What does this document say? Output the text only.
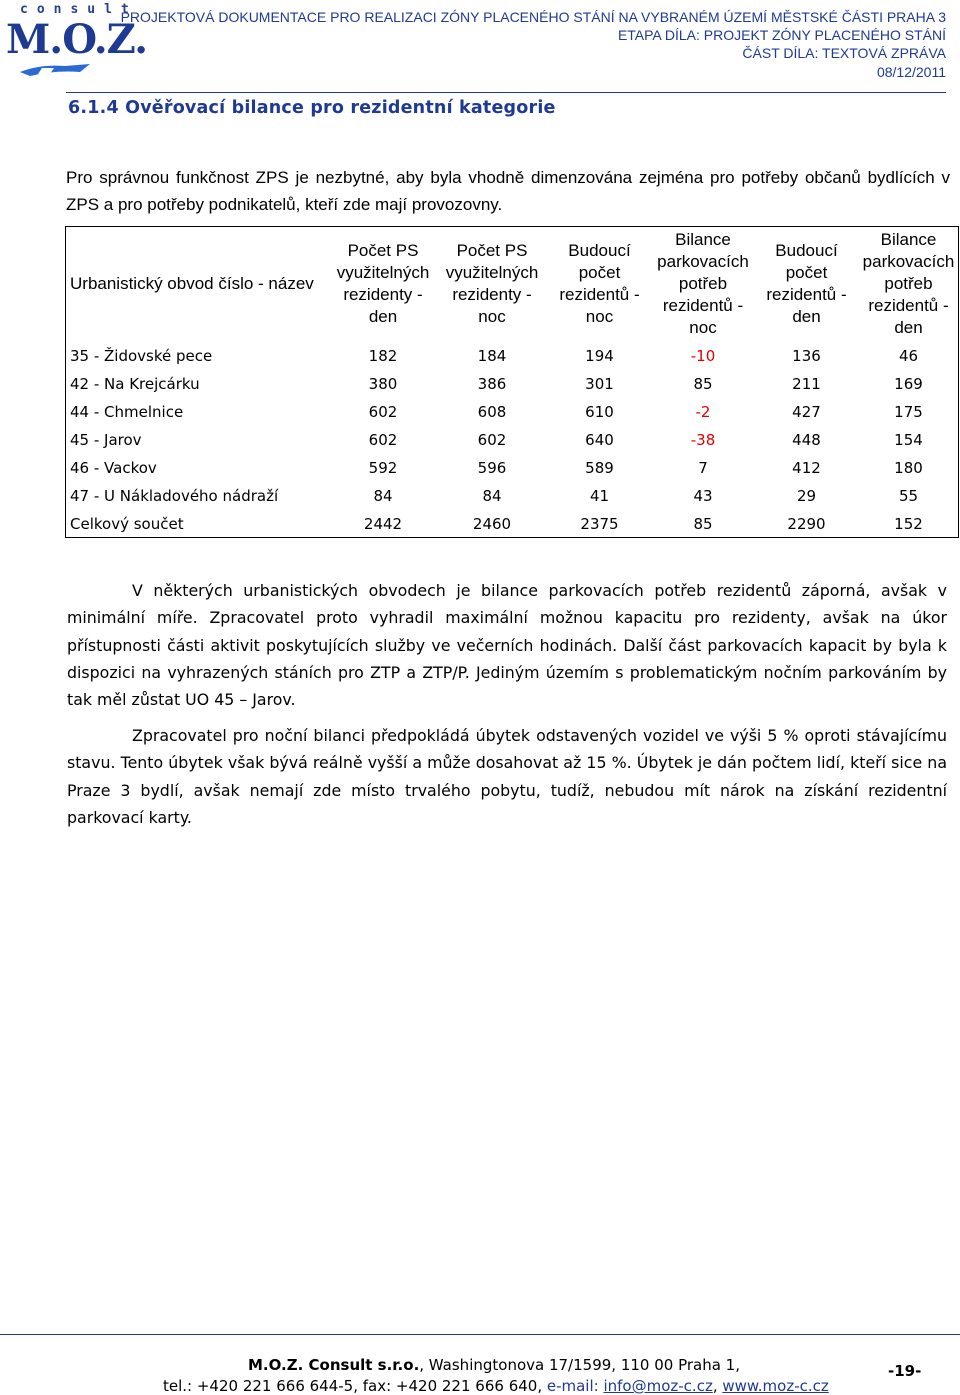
consult
M.O.Z.
PROJEKTOVÁ DOKUMENTACE PRO REALIZACI ZÓNY PLACENÉHO STÁNÍ NA VYBRANÉM ÚZEMÍ MĚSTSKÉ ČÁSTI PRAHA 3
ETAPA DÍLA: PROJEKT ZÓNY PLACENÉHO STÁNÍ
ČÁST DÍLA: TEXTOVÁ ZPRÁVA
08/12/2011
6.1.4 Ověřovací bilance pro rezidentní kategorie
Pro správnou funkčnost ZPS je nezbytné, aby byla vhodně dimenzována zejména pro potřeby občanů bydlících v ZPS a pro potřeby podnikatelů, kteří zde mají provozovny.
Urbanistický obvod číslo - název	Počet PS využitelných rezidenty - den	Počet PS využitelných rezidenty - noc	Budoucí počet rezidentů - noc	Bilance parkovacích potřeb rezidentů - noc	Budoucí počet rezidentů - den	Bilance parkovacích potřeb rezidentů - den
35 - Židovské pece	182	184	194	-10	136	46
42 - Na Krejcárku	380	386	301	85	211	169
44 - Chmelnice	602	608	610	-2	427	175
45 - Jarov	602	602	640	-38	448	154
46 - Vackov	592	596	589	7	412	180
47 - U Nákladového nádraží	84	84	41	43	29	55
Celkový součet	2442	2460	2375	85	2290	152
V některých urbanistických obvodech je bilance parkovacích potřeb rezidentů záporná, avšak v minimální míře. Zpracovatel proto vyhradil maximální možnou kapacitu pro rezidenty, avšak na úkor přístupnosti části aktivit poskytujících služby ve večerních hodinách. Další část parkovacích kapacit by byla k dispozici na vyhrazených stáních pro ZTP a ZTP/P. Jediným územím s problematickým nočním parkováním by tak měl zůstat UO 45 – Jarov.
Zpracovatel pro noční bilanci předpokládá úbytek odstavených vozidel ve výši 5 % oproti stávajícímu stavu. Tento úbytek však bývá reálně vyšší a může dosahovat až 15 %. Úbytek je dán počtem lidí, kteří sice na Praze 3 bydlí, avšak nemají zde místo trvalého pobytu, tudíž, nebudou mít nárok na získání rezidentní parkovací karty.
M.O.Z. Consult s.r.o., Washingtonova 17/1599, 110 00 Praha 1,
tel.: +420 221 666 644-5, fax: +420 221 666 640, e-mail: info@moz-c.cz, www.moz-c.cz
-19-
